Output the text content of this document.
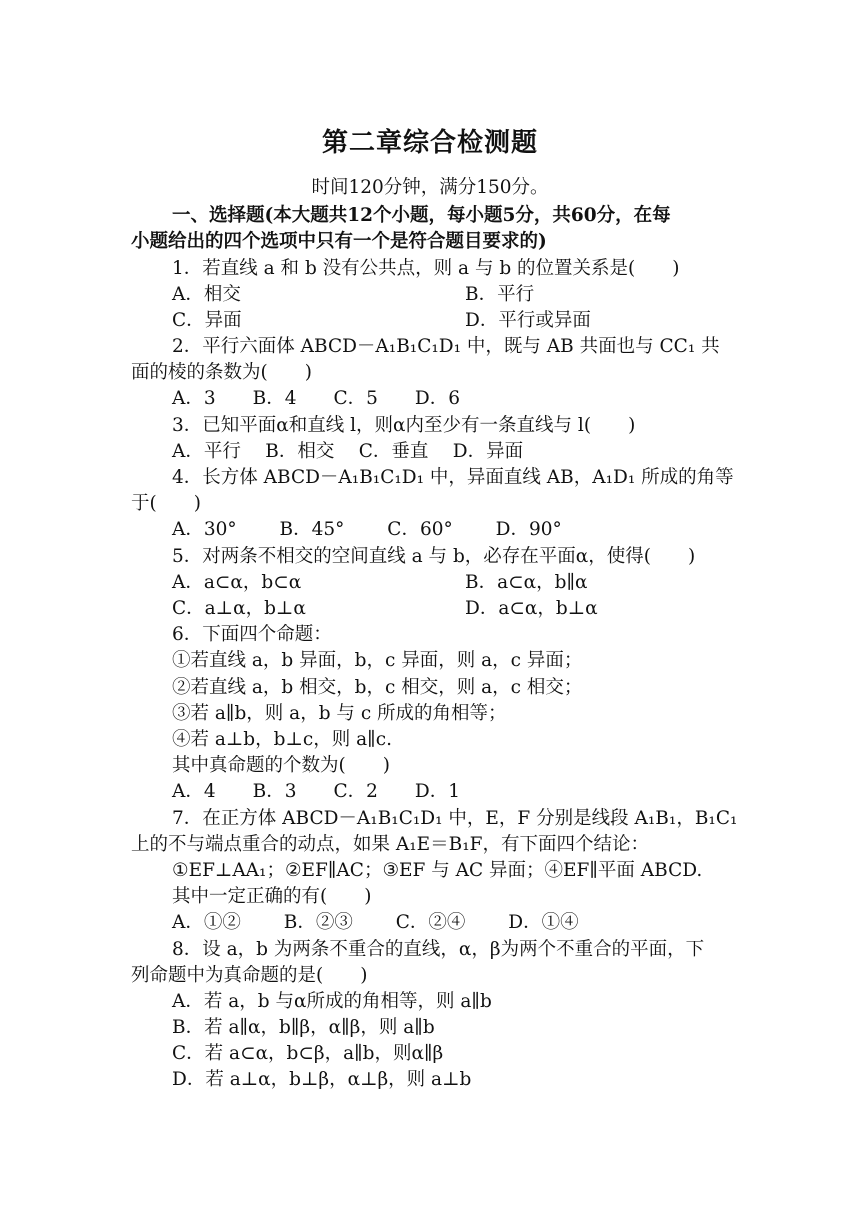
第二章综合检测题
时间120分钟，满分150分。
一、选择题(本大题共12个小题，每小题5分，共60分，在每
小题给出的四个选项中只有一个是符合题目要求的)
1．若直线 a 和 b 没有公共点，则 a 与 b 的位置关系是(　　)
A．相交	B．平行
C．异面	D．平行或异面
2．平行六面体 ABCD－A₁B₁C₁D₁ 中，既与 AB 共面也与 CC₁ 共
面的棱的条数为(　　)
A．3　　B．4　　C．5　　D．6
3．已知平面α和直线 l，则α内至少有一条直线与 l(　　)
A．平行　 B．相交　 C．垂直　 D．异面
4．长方体 ABCD－A₁B₁C₁D₁ 中，异面直线 AB，A₁D₁ 所成的角等
于(　　)
A．30°　　 B．45°　　 C．60°　　 D．90°
5．对两条不相交的空间直线 a 与 b，必存在平面α，使得(　　)
A．a⊂α，b⊂α	B．a⊂α，b∥α
C．a⊥α，b⊥α	D．a⊂α，b⊥α
6．下面四个命题：
①若直线 a，b 异面，b，c 异面，则 a，c 异面；
②若直线 a，b 相交，b，c 相交，则 a，c 相交；
③若 a∥b，则 a，b 与 c 所成的角相等；
④若 a⊥b，b⊥c，则 a∥c.
其中真命题的个数为(　　)
A．4　　B．3　　C．2　　D．1
7．在正方体 ABCD－A₁B₁C₁D₁ 中，E，F 分别是线段 A₁B₁，B₁C₁
上的不与端点重合的动点，如果 A₁E＝B₁F，有下面四个结论：
①EF⊥AA₁；②EF∥AC；③EF 与 AC 异面；④EF∥平面 ABCD.
其中一定正确的有(　　)
A．①②　　 B．②③　　 C．②④　　 D．①④
8．设 a，b 为两条不重合的直线，α，β为两个不重合的平面，下
列命题中为真命题的是(　　)
A．若 a，b 与α所成的角相等，则 a∥b
B．若 a∥α，b∥β，α∥β，则 a∥b
C．若 a⊂α，b⊂β，a∥b，则α∥β
D．若 a⊥α，b⊥β，α⊥β，则 a⊥b
